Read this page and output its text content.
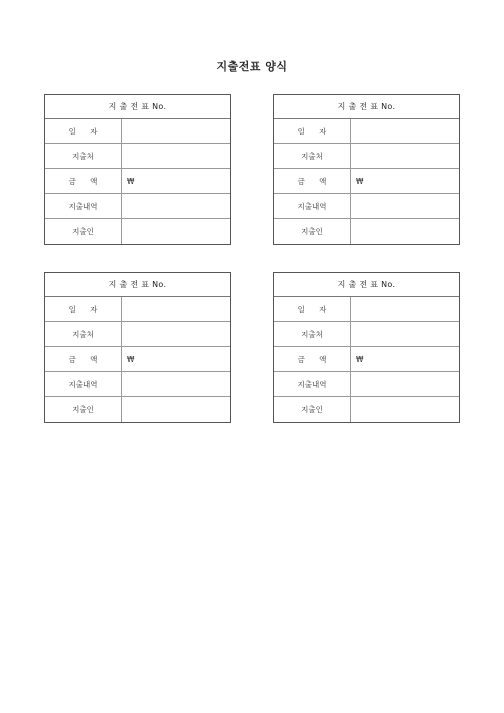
지출전표 양식
지 출 전 표 No.
일      자
지출처
금      액	₩
지출내역
지출인
지 출 전 표 No.
일      자
지출처
금      액	₩
지출내역
지출인
지 출 전 표 No.
일      자
지출처
금      액	₩
지출내역
지출인
지 출 전 표 No.
일      자
지출처
금      액	₩
지출내역
지출인
